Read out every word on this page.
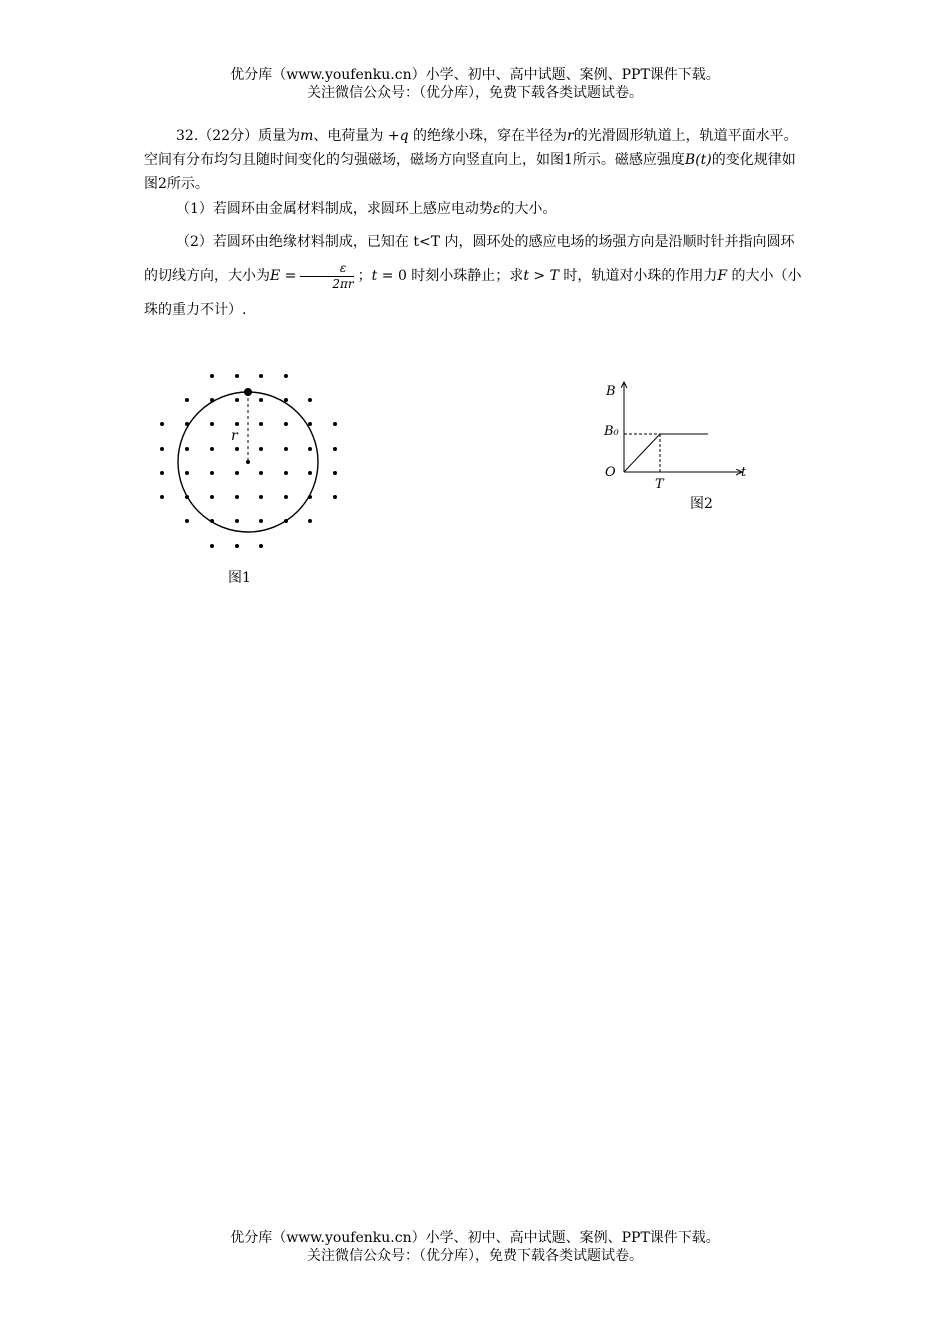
优分库（www.youfenku.cn）小学、初中、高中试题、案例、PPT课件下载。
关注微信公众号：（优分库），免费下载各类试题试卷。
32.（22分）质量为m、电荷量为 +q 的绝缘小珠，穿在半径为r的光滑圆形轨道上，轨道平面水平。空间有分布均匀且随时间变化的匀强磁场，磁场方向竖直向上，如图1所示。磁感应强度B(t)的变化规律如图2所示。
（1）若圆环由金属材料制成，求圆环上感应电动势ε的大小。
（2）若圆环由绝缘材料制成，已知在 t<T 内，圆环处的感应电场的场强方向是沿顺时针并指向圆环的切线方向，大小为$E = \frac{\varepsilon}{2\pi r}$ ；t = 0 时刻小珠静止；求t > T 时，轨道对小珠的作用力F 的大小（小珠的重力不计）.
r
图1
B
B₀
O
T
t
图2
优分库（www.youfenku.cn）小学、初中、高中试题、案例、PPT课件下载。
关注微信公众号：（优分库），免费下载各类试题试卷。
